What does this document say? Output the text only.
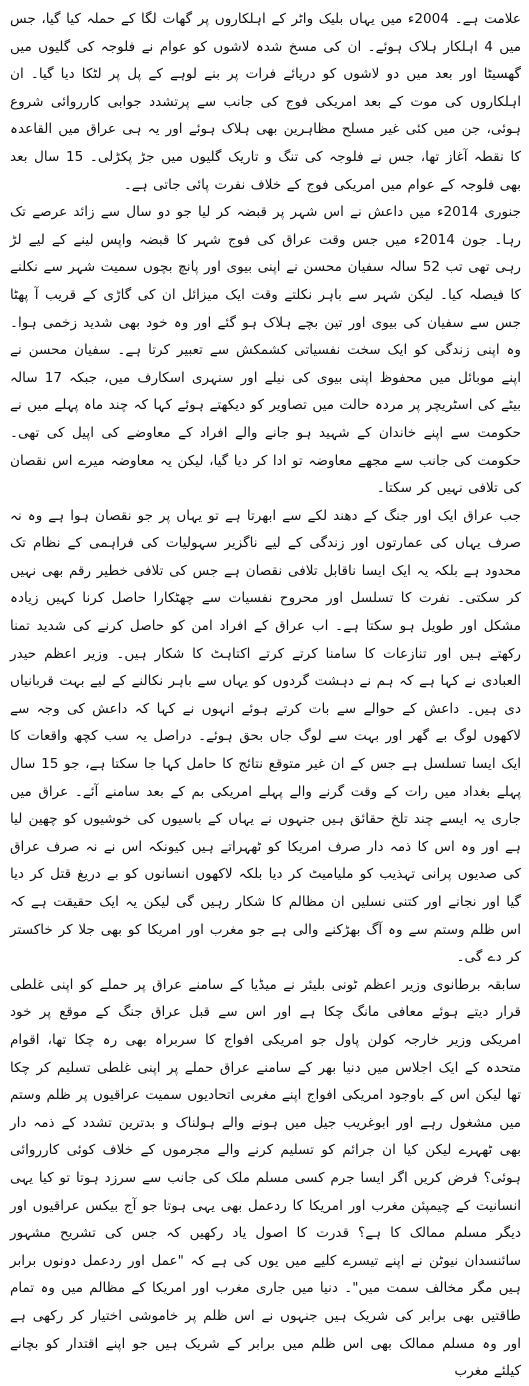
علامت ہے۔ 2004ء میں یہاں بلیک واٹر کے اہلکاروں پر گھات لگا کے حملہ کیا گیا، جس میں 4 اہلکار ہلاک ہوئے۔ ان کی مسخ شدہ لاشوں کو عوام نے فلوجہ کی گلیوں میں گھسیٹا اور بعد میں دو لاشوں کو دریائے فرات پر بنے لوہے کے پل پر لٹکا دیا گیا۔ ان اہلکاروں کی موت کے بعد امریکی فوج کی جانب سے پرتشدد جوابی کارروائی شروع ہوئی، جن میں کئی غیر مسلح مظاہرین بھی ہلاک ہوئے اور یہ ہی عراق میں القاعدہ کا نقطہ آغاز تھا، جس نے فلوجہ کی تنگ و تاریک گلیوں میں جڑ پکڑلی۔ 15 سال بعد بھی فلوجہ کے عوام میں امریکی فوج کے خلاف نفرت پائی جاتی ہے۔

جنوری 2014ء میں داعش نے اس شہر پر قبضہ کر لیا جو دو سال سے زائد عرصے تک رہا۔ جون 2014ء میں جس وقت عراق کی فوج شہر کا قبضہ واپس لینے کے لیے لڑ رہی تھی تب 52 سالہ سفیان محسن نے اپنی بیوی اور پانچ بچوں سمیت شہر سے نکلنے کا فیصلہ کیا۔ لیکن شہر سے باہر نکلتے وقت ایک میزائل ان کی گاڑی کے قریب آ پھٹا جس سے سفیان کی بیوی اور تین بچے ہلاک ہو گئے اور وہ خود بھی شدید زخمی ہوا۔ وہ اپنی زندگی کو ایک سخت نفسیاتی کشمکش سے تعبیر کرتا ہے۔ سفیان محسن نے اپنے موبائل میں محفوظ اپنی بیوی کی نیلے اور سنہری اسکارف میں، جبکہ 17 سالہ بیٹے کی اسٹریچر پر مردہ حالت میں تصاویر کو دیکھتے ہوئے کہا کہ چند ماہ پہلے میں نے حکومت سے اپنے خاندان کے شہید ہو جانے والے افراد کے معاوضے کی اپیل کی تھی۔ حکومت کی جانب سے مجھے معاوضہ تو ادا کر دیا گیا، لیکن یہ معاوضہ میرے اس نقصان کی تلافی نہیں کر سکتا۔

جب عراق ایک اور جنگ کے دھند لکے سے ابھرتا ہے تو یہاں پر جو نقصان ہوا ہے وہ نہ صرف یہاں کی عمارتوں اور زندگی کے لیے ناگزیر سہولیات کی فراہمی کے نظام تک محدود ہے بلکہ یہ ایک ایسا ناقابل تلافی نقصان ہے جس کی تلافی خطیر رقم بھی نہیں کر سکتی۔ نفرت کا تسلسل اور محروح نفسیات سے چھٹکارا حاصل کرنا کہیں زیادہ مشکل اور طویل ہو سکتا ہے۔ اب عراق کے افراد امن کو حاصل کرنے کی شدید تمنا رکھتے ہیں اور تنازعات کا سامنا کرتے کرتے اکتاہٹ کا شکار ہیں۔ وزیر اعظم حیدر العبادی نے کہا ہے کہ ہم نے دہشت گردوں کو یہاں سے باہر نکالنے کے لیے بہت قربانیاں دی ہیں۔ داعش کے حوالے سے بات کرتے ہوئے انہوں نے کہا کہ داعش کی وجہ سے لاکھوں لوگ بے گھر اور بہت سے لوگ جاں بحق ہوئے۔ دراصل یہ سب کچھ واقعات کا ایک ایسا تسلسل ہے جس کے ان غیر متوقع نتائج کا حامل کہا جا سکتا ہے، جو 15 سال پہلے بغداد میں رات کے وقت گرنے والے پہلے امریکی بم کے بعد سامنے آئے۔ عراق میں جاری یہ ایسے چند تلخ حقائق ہیں جنہوں نے یہاں کے باسیوں کی خوشیوں کو چھین لیا ہے اور وہ اس کا ذمہ دار صرف امریکا کو ٹھہراتے ہیں کیونکہ اس نے نہ صرف عراق کی صدیوں پرانی تہذیب کو ملیامیٹ کر دیا بلکہ لاکھوں انسانوں کو بے دریغ قتل کر دیا گیا اور نجانے اور کتنی نسلیں ان مظالم کا شکار رہیں گی لیکن یہ ایک حقیقت ہے کہ اس ظلم وستم سے وہ آگ بھڑکنے والی ہے جو مغرب اور امریکا کو بھی جلا کر خاکستر کر دے گی۔

سابقہ برطانوی وزیر اعظم ٹونی بلیئر نے میڈیا کے سامنے عراق پر حملے کو اپنی غلطی قرار دیتے ہوئے معافی مانگ چکا ہے اور اس سے قبل عراق جنگ کے موقع پر خود امریکی وزیر خارجہ کولن پاول جو امریکی افواج کا سربراہ بھی رہ چکا تھا، اقوام متحدہ کے ایک اجلاس میں دنیا بھر کے سامنے عراق حملے پر اپنی غلطی تسلیم کر چکا تھا لیکن اس کے باوجود امریکی افواج اپنے مغربی اتحادیوں سمیت عراقیوں پر ظلم وستم میں مشغول رہے اور ابوغریب جیل میں ہونے والے ہولناک و بدترین تشدد کے ذمہ دار بھی ٹھہرے لیکن کیا ان جرائم کو تسلیم کرنے والے مجرموں کے خلاف کوئی کارروائی ہوئی؟ فرض کریں اگر ایسا جرم کسی مسلم ملک کی جانب سے سرزد ہوتا تو کیا یہی انسانیت کے چیمپئن مغرب اور امریکا کا ردعمل بھی یہی ہوتا جو آج بیکس عراقیوں اور دیگر مسلم ممالک کا ہے؟ قدرت کا اصول یاد رکھیں کہ جس کی تشریح مشہور سائنسدان نیوٹن نے اپنے تیسرے کلیے میں یوں کی ہے کہ "عمل اور ردعمل دونوں برابر ہیں مگر مخالف سمت میں"۔ دنیا میں جاری مغرب اور امریکا کے مظالم میں وہ تمام طاقتیں بھی برابر کی شریک ہیں جنہوں نے اس ظلم پر خاموشی اختیار کر رکھی ہے اور وہ مسلم ممالک بھی اس ظلم میں برابر کے شریک ہیں جو اپنے اقتدار کو بچانے کیلئے مغرب
